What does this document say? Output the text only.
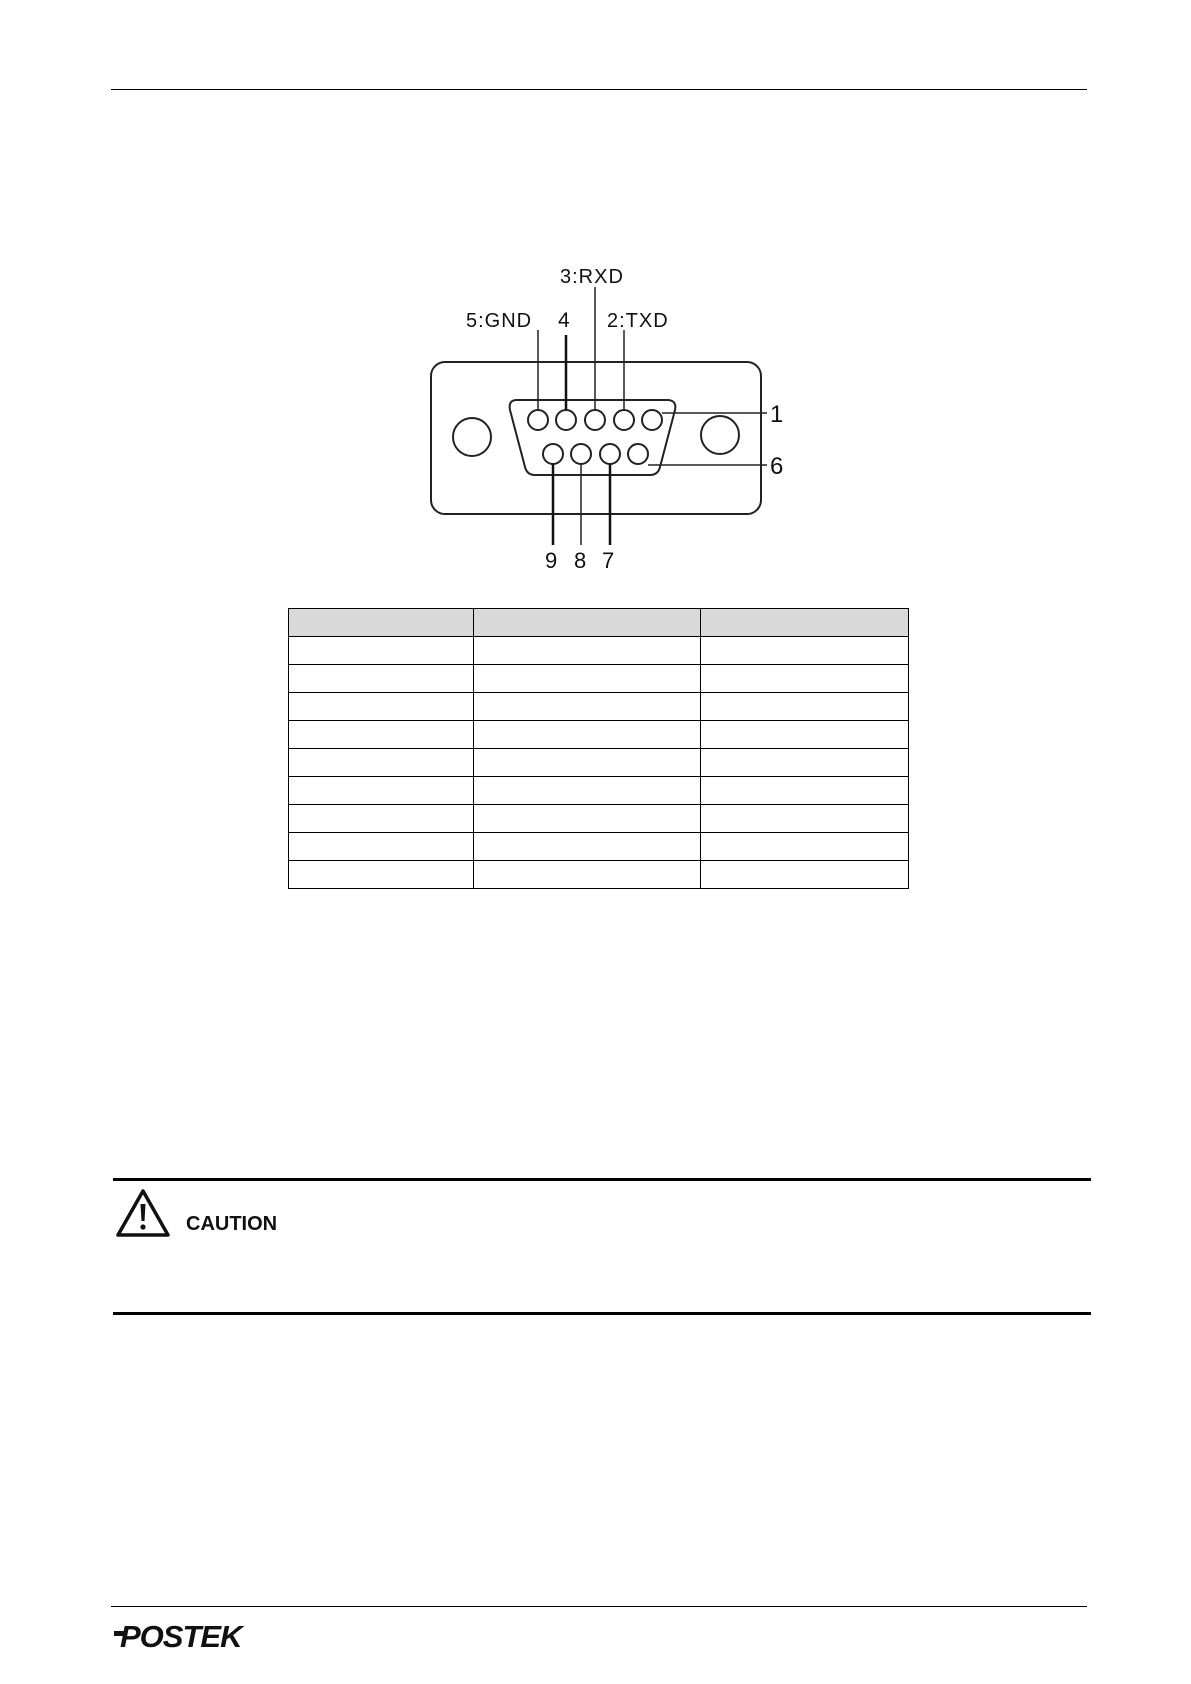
3:RXD
5:GND 4 2:TXD
1
6
9 8 7

CAUTION
POSTEK
